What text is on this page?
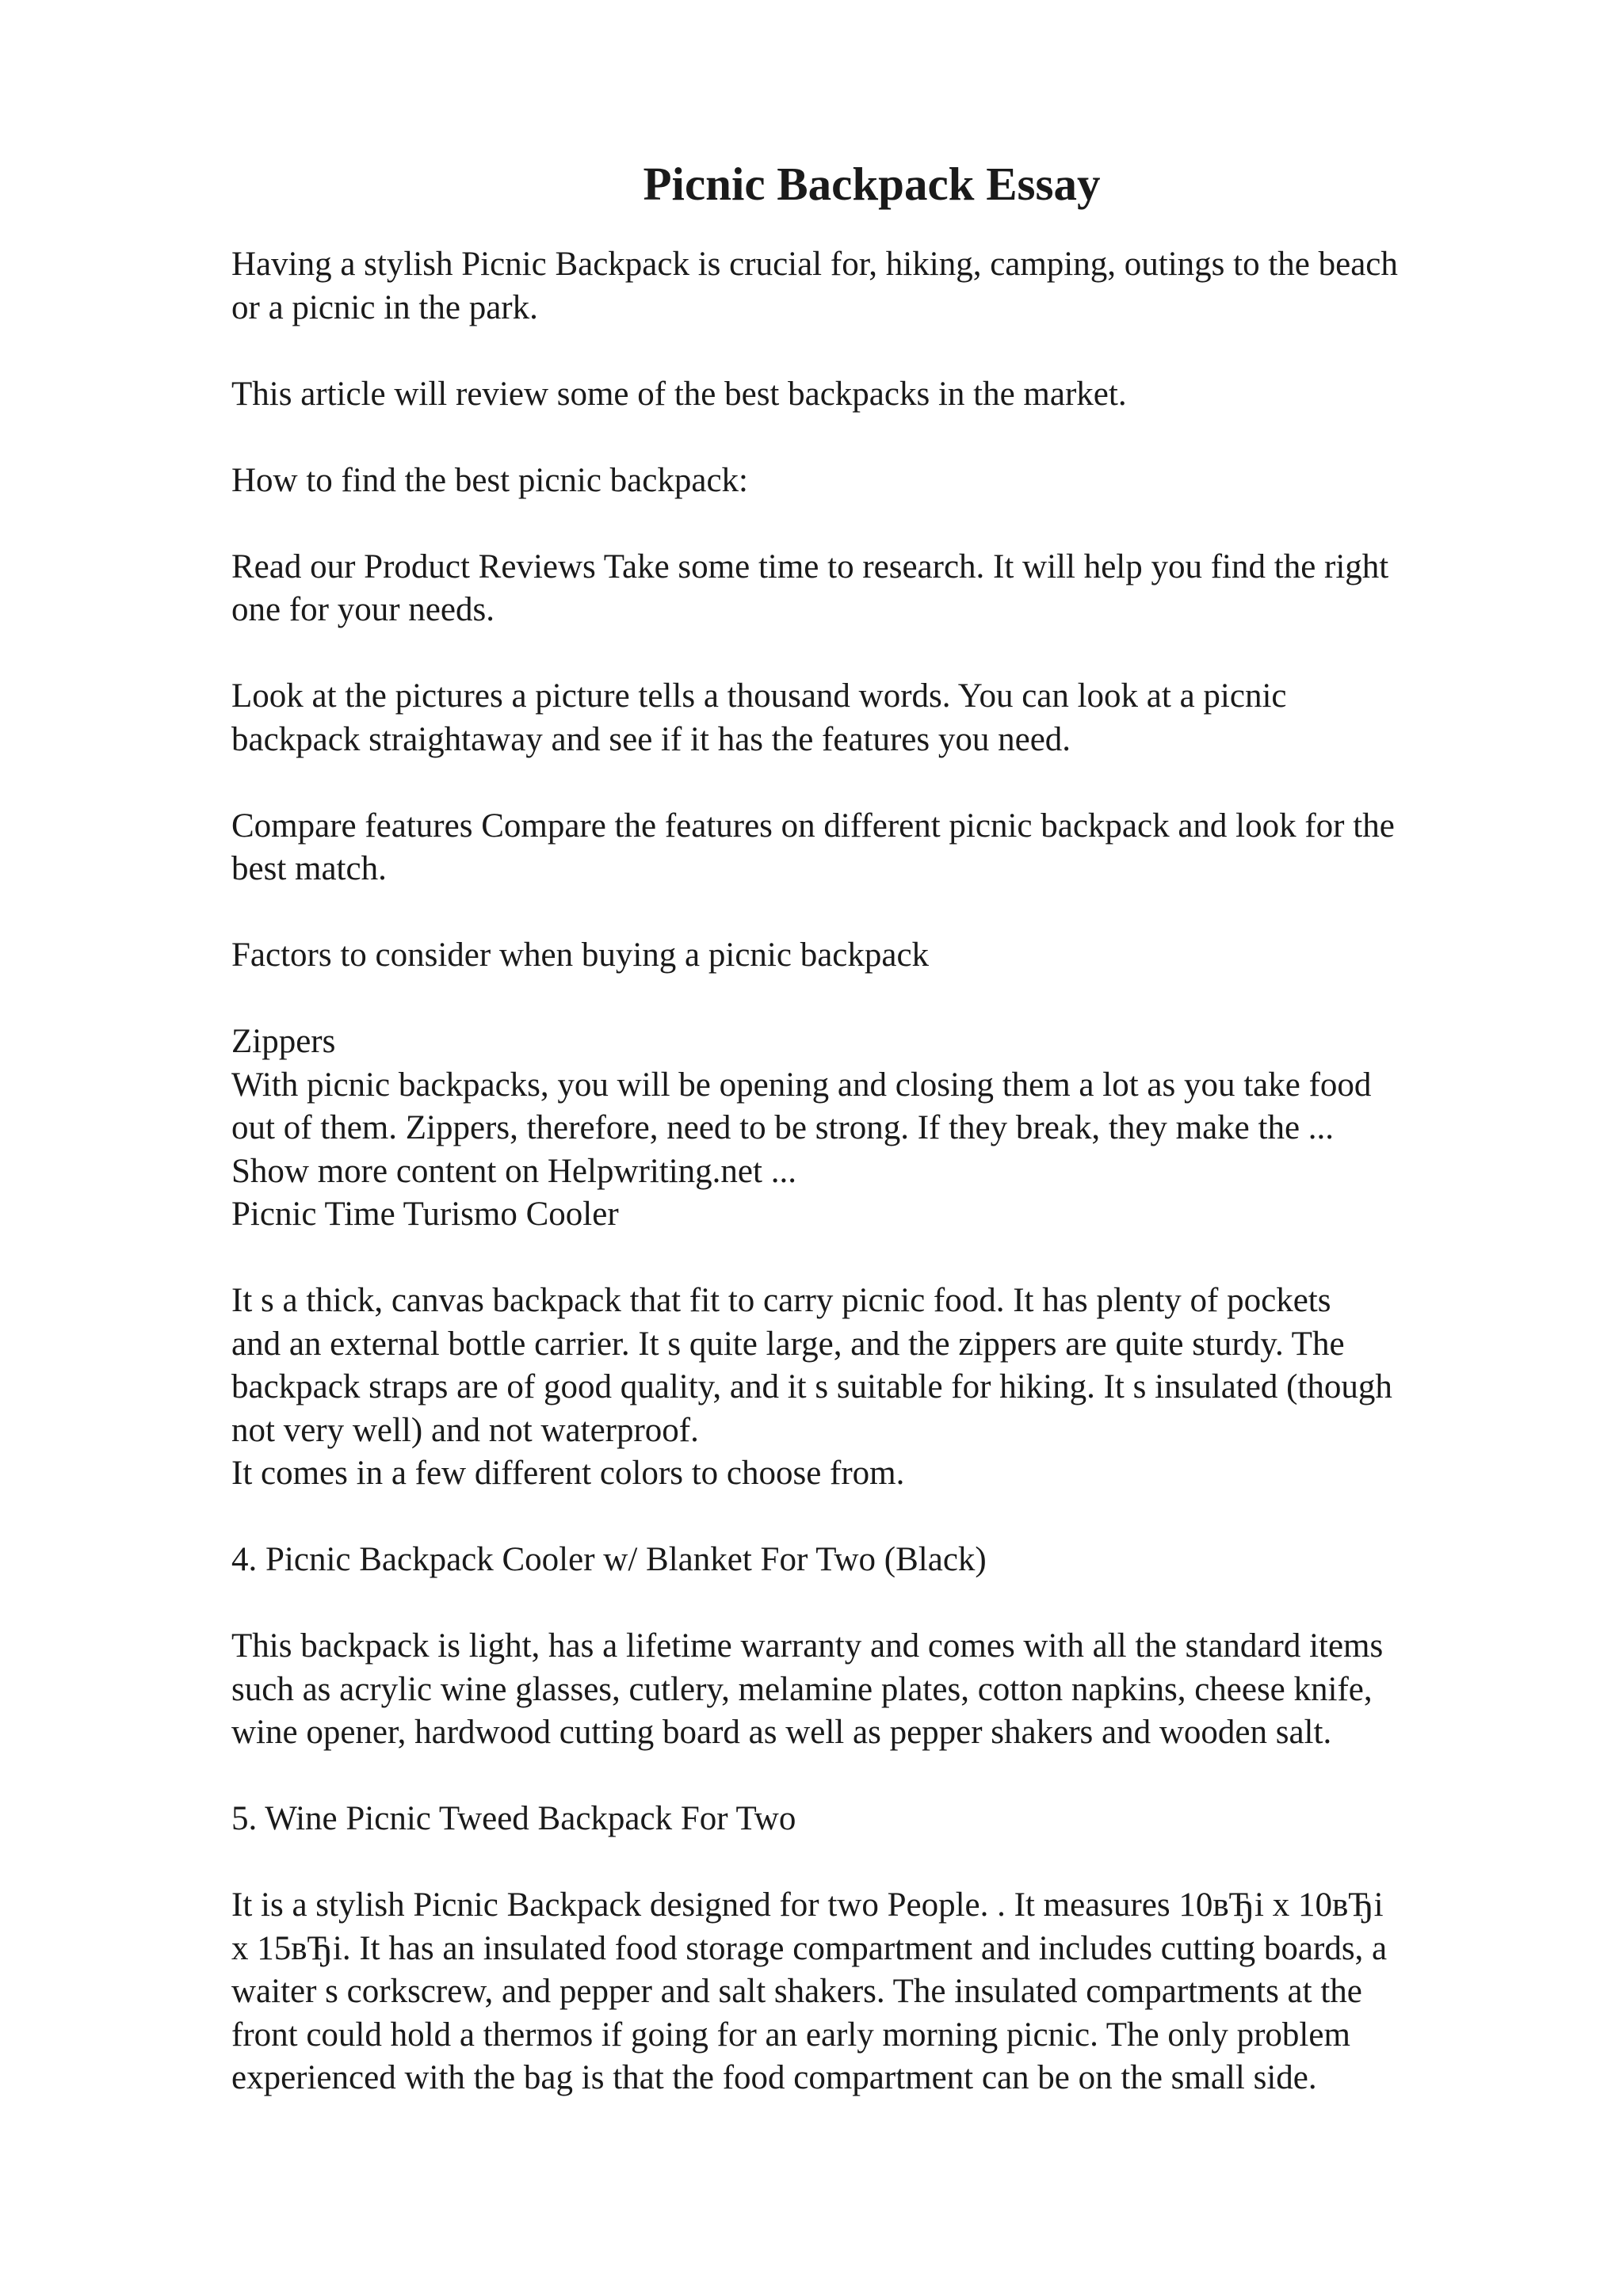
Picnic Backpack Essay

Having a stylish Picnic Backpack is crucial for, hiking, camping, outings to the beach
or a picnic in the park.

This article will review some of the best backpacks in the market.

How to find the best picnic backpack:

Read our Product Reviews Take some time to research. It will help you find the right
one for your needs.

Look at the pictures a picture tells a thousand words. You can look at a picnic
backpack straightaway and see if it has the features you need.

Compare features Compare the features on different picnic backpack and look for the
best match.

Factors to consider when buying a picnic backpack

Zippers
With picnic backpacks, you will be opening and closing them a lot as you take food
out of them. Zippers, therefore, need to be strong. If they break, they make the ...
Show more content on Helpwriting.net ...
Picnic Time Turismo Cooler

It s a thick, canvas backpack that fit to carry picnic food. It has plenty of pockets
and an external bottle carrier. It s quite large, and the zippers are quite sturdy. The
backpack straps are of good quality, and it s suitable for hiking. It s insulated (though
not very well) and not waterproof.
It comes in a few different colors to choose from.

4. Picnic Backpack Cooler w/ Blanket For Two (Black)

This backpack is light, has a lifetime warranty and comes with all the standard items
such as acrylic wine glasses, cutlery, melamine plates, cotton napkins, cheese knife,
wine opener, hardwood cutting board as well as pepper shakers and wooden salt.

5. Wine Picnic Tweed Backpack For Two

It is a stylish Picnic Backpack designed for two People. . It measures 10вЂі x 10вЂі
x 15вЂі. It has an insulated food storage compartment and includes cutting boards, a
waiter s corkscrew, and pepper and salt shakers. The insulated compartments at the
front could hold a thermos if going for an early morning picnic. The only problem
experienced with the bag is that the food compartment can be on the small side.
